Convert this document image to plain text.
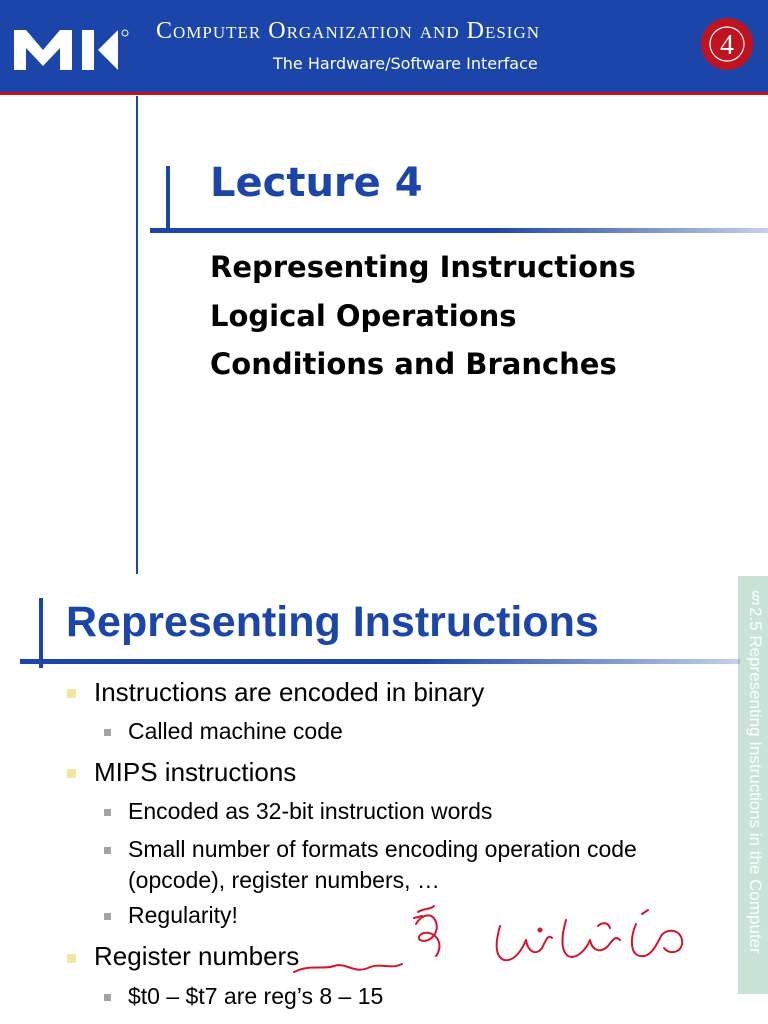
Computer Organization and Design
The Hardware/Software Interface
4
Lecture 4
Representing Instructions
Logical Operations
Conditions and Branches
§2.5 Representing Instructions in the Computer
Representing Instructions
Instructions are encoded in binary
Called machine code
MIPS instructions
Encoded as 32-bit instruction words
Small number of formats encoding operation code (opcode), register numbers, …
Regularity!
Register numbers
$t0 – $t7 are reg’s 8 – 15
